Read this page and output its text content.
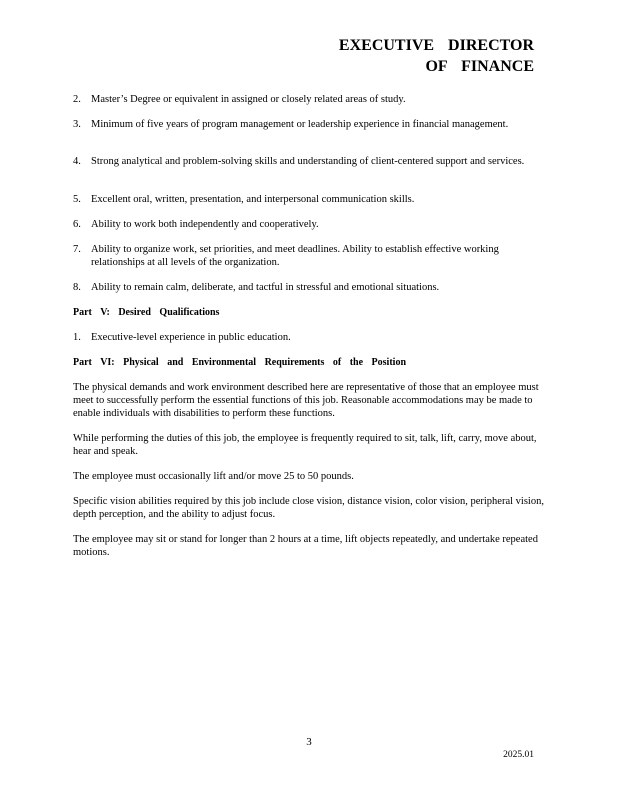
EXECUTIVE DIRECTOR
OF FINANCE
2. Master’s Degree or equivalent in assigned or closely related areas of study.
3. Minimum of five years of program management or leadership experience in financial management.
4. Strong analytical and problem-solving skills and understanding of client-centered support and services.
5. Excellent oral, written, presentation, and interpersonal communication skills.
6. Ability to work both independently and cooperatively.
7. Ability to organize work, set priorities, and meet deadlines. Ability to establish effective working relationships at all levels of the organization.
8. Ability to remain calm, deliberate, and tactful in stressful and emotional situations.
Part V: Desired Qualifications
1. Executive-level experience in public education.
Part VI: Physical and Environmental Requirements of the Position
The physical demands and work environment described here are representative of those that an employee must meet to successfully perform the essential functions of this job. Reasonable accommodations may be made to enable individuals with disabilities to perform these functions.
While performing the duties of this job, the employee is frequently required to sit, talk, lift, carry, move about, hear and speak.
The employee must occasionally lift and/or move 25 to 50 pounds.
Specific vision abilities required by this job include close vision, distance vision, color vision, peripheral vision, depth perception, and the ability to adjust focus.
The employee may sit or stand for longer than 2 hours at a time, lift objects repeatedly, and undertake repeated motions.
3
2025.01
